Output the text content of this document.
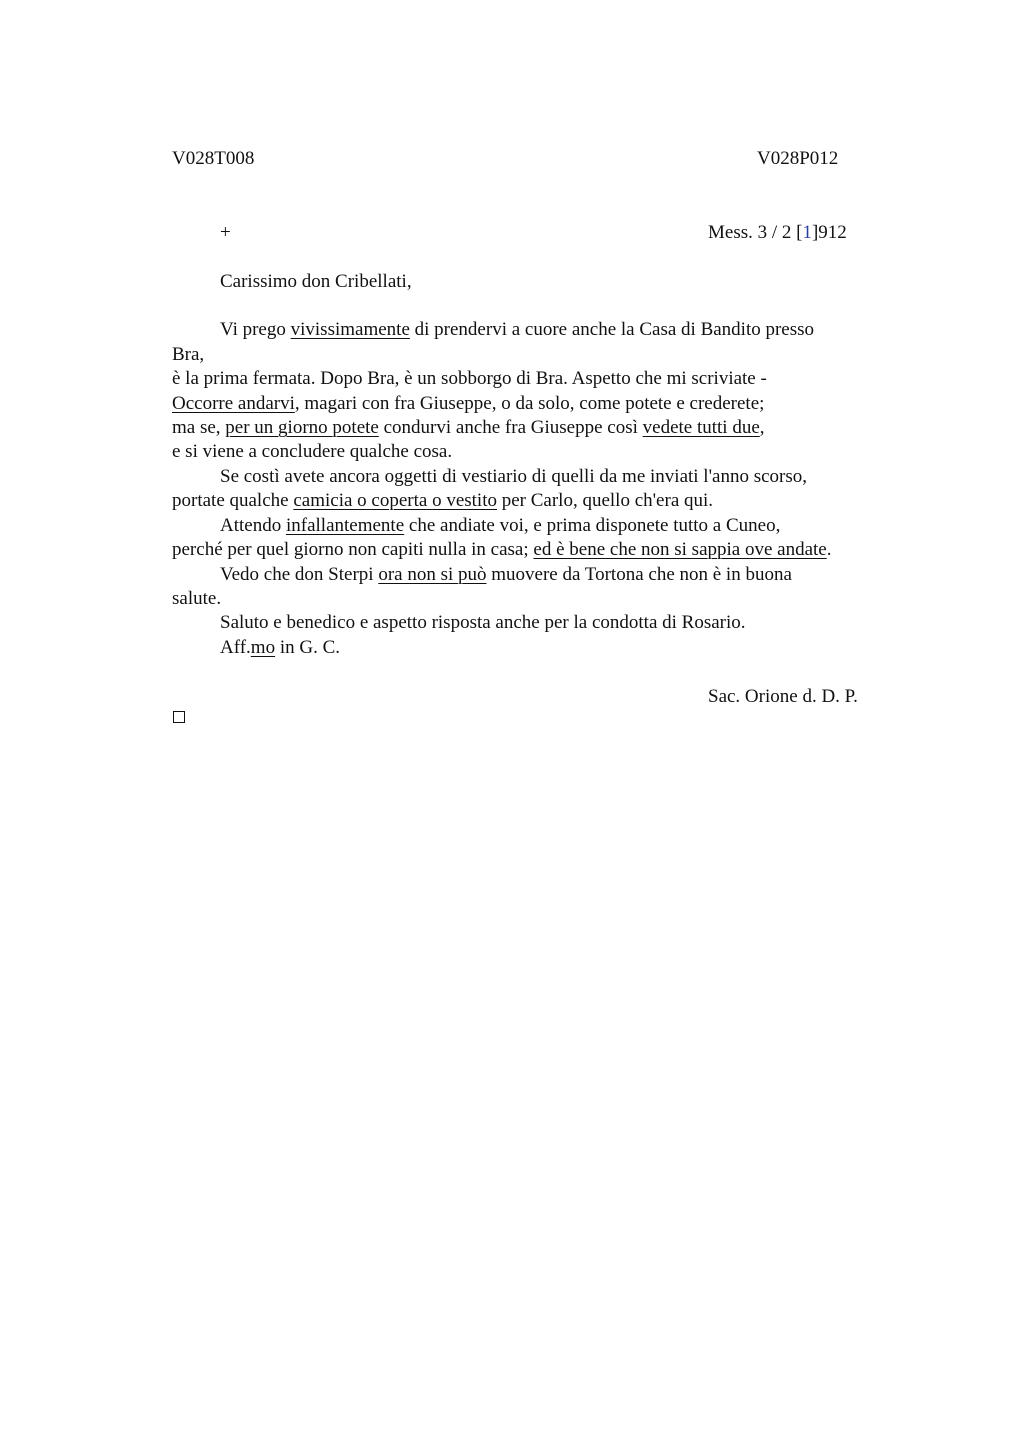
V028T008	V028P012
+	Mess. 3 / 2 [1]912
Carissimo don Cribellati,
Vi prego vivissimamente di prendervi a cuore anche la Casa di Bandito presso
Bra,
è la prima fermata. Dopo Bra, è un sobborgo di Bra. Aspetto che mi scriviate -
Occorre andarvi, magari con fra Giuseppe, o da solo, come potete e crederete;
ma se, per un giorno potete condurvi anche fra Giuseppe così vedete tutti due,
e si viene a concludere qualche cosa.
Se costì avete ancora oggetti di vestiario di quelli da me inviati l'anno scorso,
portate qualche camicia o coperta o vestito per Carlo, quello ch'era qui.
Attendo infallantemente che andiate voi, e prima disponete tutto a Cuneo,
perché per quel giorno non capiti nulla in casa; ed è bene che non si sappia ove andate.
Vedo che don Sterpi ora non si può muovere da Tortona che non è in buona
salute.
Saluto e benedico e aspetto risposta anche per la condotta di Rosario.
Aff.mo in G. C.
Sac. Orione d. D. P.
